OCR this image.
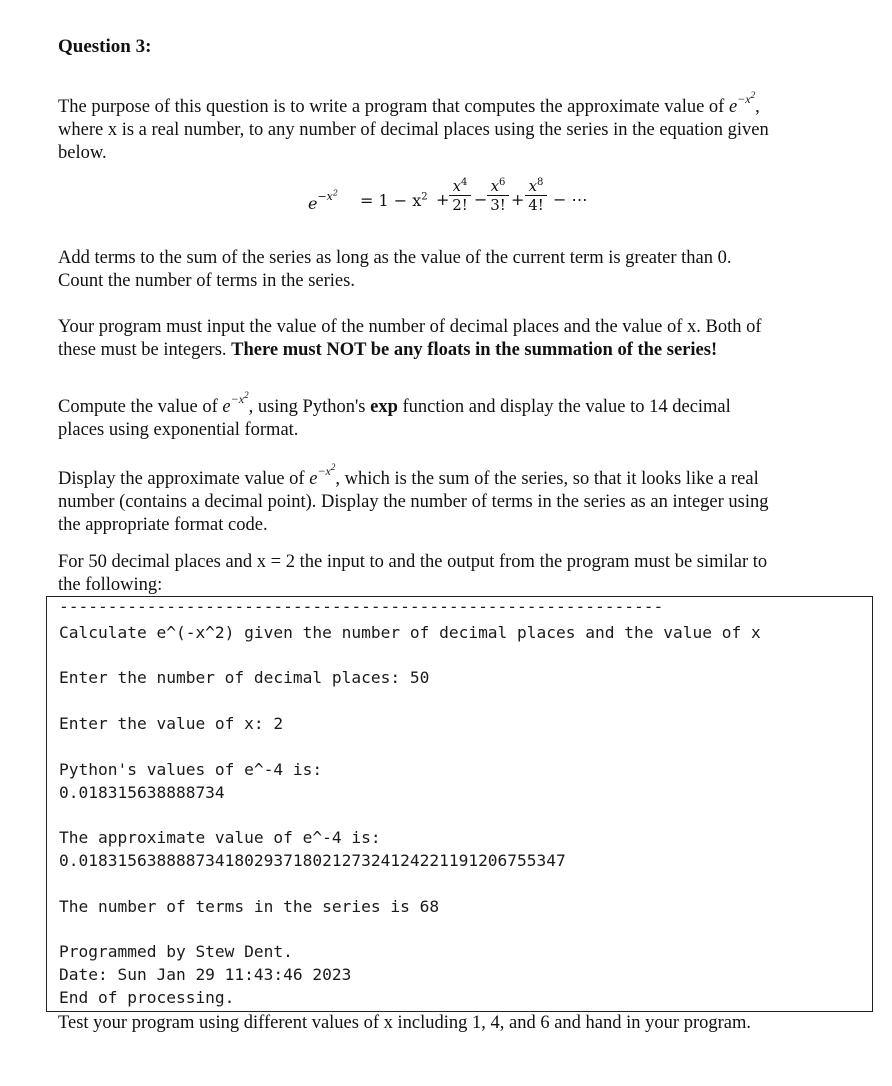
Question 3:
The purpose of this question is to write a program that computes the approximate value of $e^{-x^2}$,
where x is a real number, to any number of decimal places using the series in the equation given
below.
$e^{-x^2} = 1 - x^2$ +
$x^4$
2! −
$x^6$
3! +
$x^8$
4! − ⋯
Add terms to the sum of the series as long as the value of the current term is greater than 0.
Count the number of terms in the series.
Your program must input the value of the number of decimal places and the value of x. Both of
these must be integers. There must NOT be any floats in the summation of the series!
Compute the value of $e^{-x^2}$, using Python's exp function and display the value to 14 decimal
places using exponential format.
Display the approximate value of $e^{-x^2}$, which is the sum of the series, so that it looks like a real
number (contains a decimal point). Display the number of terms in the series as an integer using
the appropriate format code.
For 50 decimal places and x = 2 the input to and the output from the program must be similar to
the following:
--------------------------------------------------------------
Calculate e^(-x^2) given the number of decimal places and the value of x
Enter the number of decimal places: 50
Enter the value of x: 2
Python's values of e^-4 is:
0.018315638888734
The approximate value of e^-4 is:
0.01831563888873418029371802127324124221191206755347
The number of terms in the series is 68
Programmed by Stew Dent.
Date: Sun Jan 29 11:43:46 2023
End of processing.
Test your program using different values of x including 1, 4, and 6 and hand in your program.
